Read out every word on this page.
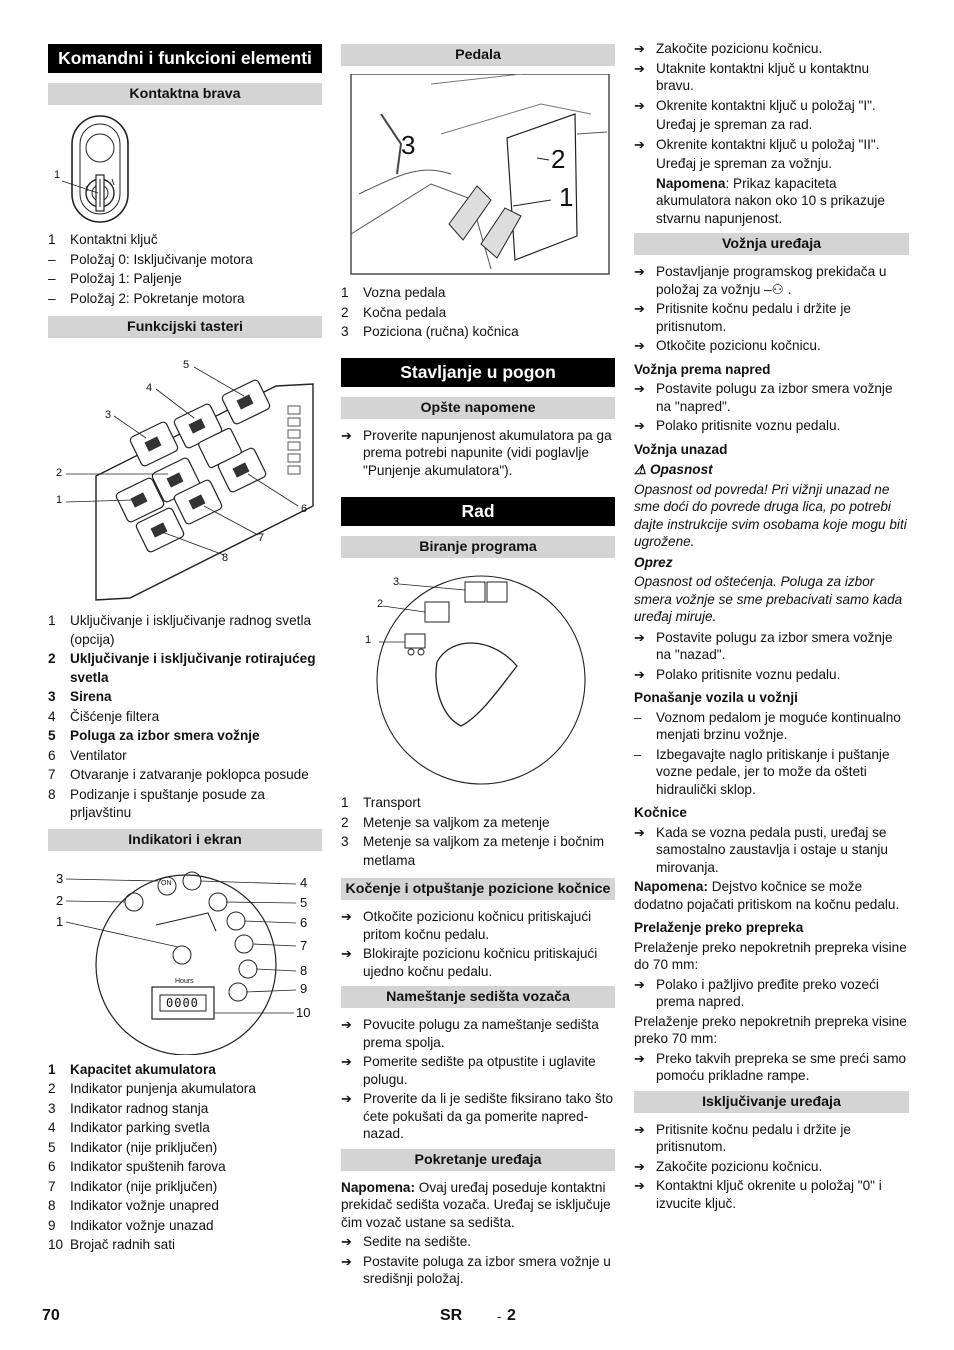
Komandni i funkcioni elementi
Kontaktna brava
1
1	Kontaktni ključ
–	Položaj 0: Isključivanje motora
–	Položaj 1: Paljenje
–	Položaj 2: Pokretanje motora
Funkcijski tasteri
1
2
3
4
5
6
7
8
1	Uključivanje i isključivanje radnog svetla (opcija)
2	Uključivanje i isključivanje rotirajućeg svetla
3	Sirena
4	Čišćenje filtera
5	Poluga za izbor smera vožnje
6	Ventilator
7	Otvaranje i zatvaranje poklopca posude
8	Podizanje i spuštanje posude za prljavštinu
Indikatori i ekran
ON
Hours
0000
3
2
1
4
5
6
7
8
9
10
1	Kapacitet akumulatora
2	Indikator punjenja akumulatora
3	Indikator radnog stanja
4	Indikator parking svetla
5	Indikator (nije priključen)
6	Indikator spuštenih farova
7	Indikator (nije priključen)
8	Indikator vožnje unapred
9	Indikator vožnje unazad
10 Brojač radnih sati
Pedala
3	2
1
1	Vozna pedala
2	Kočna pedala
3	Poziciona (ručna) kočnica
Stavljanje u pogon
Opšte napomene
➔ Proverite napunjenost akumulatora pa ga prema potrebi napunite (vidi poglavlje "Punjenje akumulatora").
Rad
Biranje programa
3
2
1
1	Transport
2	Metenje sa valjkom za metenje
3	Metenje sa valjkom za metenje i bočnim metlama
Kočenje i otpuštanje pozicione kočnice
➔ Otkočite pozicionu kočnicu pritiskajući pritom kočnu pedalu.
➔ Blokirajte pozicionu kočnicu pritiskajući ujedno kočnu pedalu.
Nameštanje sedišta vozača
➔ Povucite polugu za nameštanje sedišta prema spolja.
➔ Pomerite sedište pa otpustite i uglavite polugu.
➔ Proverite da li je sedište fiksirano tako što ćete pokušati da ga pomerite napred-nazad.
Pokretanje uređaja
Napomena: Ovaj uređaj poseduje kontaktni prekidač sedišta vozača. Uređaj se isključuje čim vozač ustane sa sedišta.
➔ Sedite na sedište.
➔ Postavite poluga za izbor smera vožnje u središnji položaj.
➔ Zakočite pozicionu kočnicu.
➔ Utaknite kontaktni ključ u kontaktnu bravu.
➔ Okrenite kontaktni ključ u položaj "I".
Uređaj je spreman za rad.
➔ Okrenite kontaktni ključ u položaj "II".
Uređaj je spreman za vožnju.
Napomena: Prikaz kapaciteta akumulatora nakon oko 10 s prikazuje stvarnu napunjenost.
Vožnja uređaja
➔ Postavljanje programskog prekidača u položaj za vožnju –⚇ .
➔ Pritisnite kočnu pedalu i držite je pritisnutom.
➔ Otkočite pozicionu kočnicu.
Vožnja prema napred
➔ Postavite polugu za izbor smera vožnje na "napred".
➔ Polako pritisnite voznu pedalu.
Vožnja unazad
⚠ Opasnost
Opasnost od povreda! Pri vižnji unazad ne sme doći do povrede druga lica, po potrebi dajte instrukcije svim osobama koje mogu biti ugrožene.
Oprez
Opasnost od oštećenja. Poluga za izbor smera vožnje se sme prebacivati samo kada uređaj miruje.
➔ Postavite polugu za izbor smera vožnje na "nazad".
➔ Polako pritisnite voznu pedalu.
Ponašanje vozila u vožnji
–	Voznom pedalom je moguće kontinualno menjati brzinu vožnje.
–	Izbegavajte naglo pritiskanje i puštanje vozne pedale, jer to može da ošteti hidraulički sklop.
Kočnice
➔ Kada se vozna pedala pusti, uređaj se samostalno zaustavlja i ostaje u stanju mirovanja.
Napomena: Dejstvo kočnice se može dodatno pojačati pritiskom na kočnu pedalu.
Prelaženje preko prepreka
Prelaženje preko nepokretnih prepreka visine do 70 mm:
➔ Polako i pažljivo pređite preko vozeći prema napred.
Prelaženje preko nepokretnih prepreka visine preko 70 mm:
➔ Preko takvih prepreka se sme preći samo pomoću prikladne rampe.
Isključivanje uređaja
➔ Pritisnite kočnu pedalu i držite je pritisnutom.
➔ Zakočite pozicionu kočnicu.
➔ Kontaktni ključ okrenite u položaj "0" i izvucite ključ.
70	SR	- 2
